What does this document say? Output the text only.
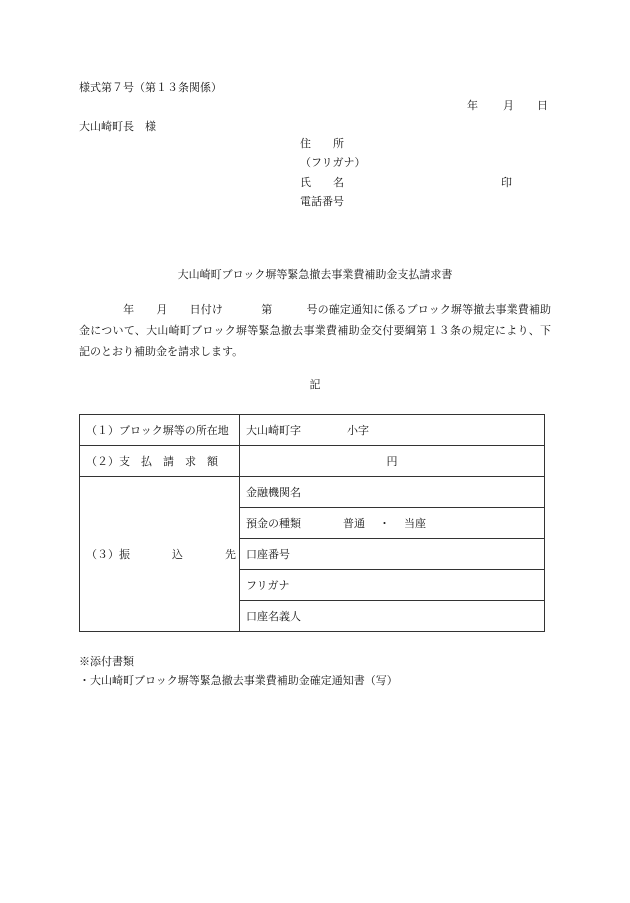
様式第７号（第１３条関係）
年 月 日
大山崎町長　様
住　　所
（フリガナ）
氏　　名	印
電話番号
大山崎町ブロック塀等緊急撤去事業費補助金支払請求書
年 月 日付け	第	号の確定通知に係るブロック塀等撤去事業費補助金について、大山崎町ブロック塀等緊急撤去事業費補助金交付要綱第１３条の規定により、下記のとおり補助金を請求します。
記
（１）ブロック塀等の所在地	大山崎町字 小字

（２）支 払 請 求 額	円

（３）振 込 先	金融機関名
	預金の種類 普通 ・ 当座
	口座番号
	フリガナ
	口座名義人
※添付書類
・大山崎町ブロック塀等緊急撤去事業費補助金確定通知書（写）
